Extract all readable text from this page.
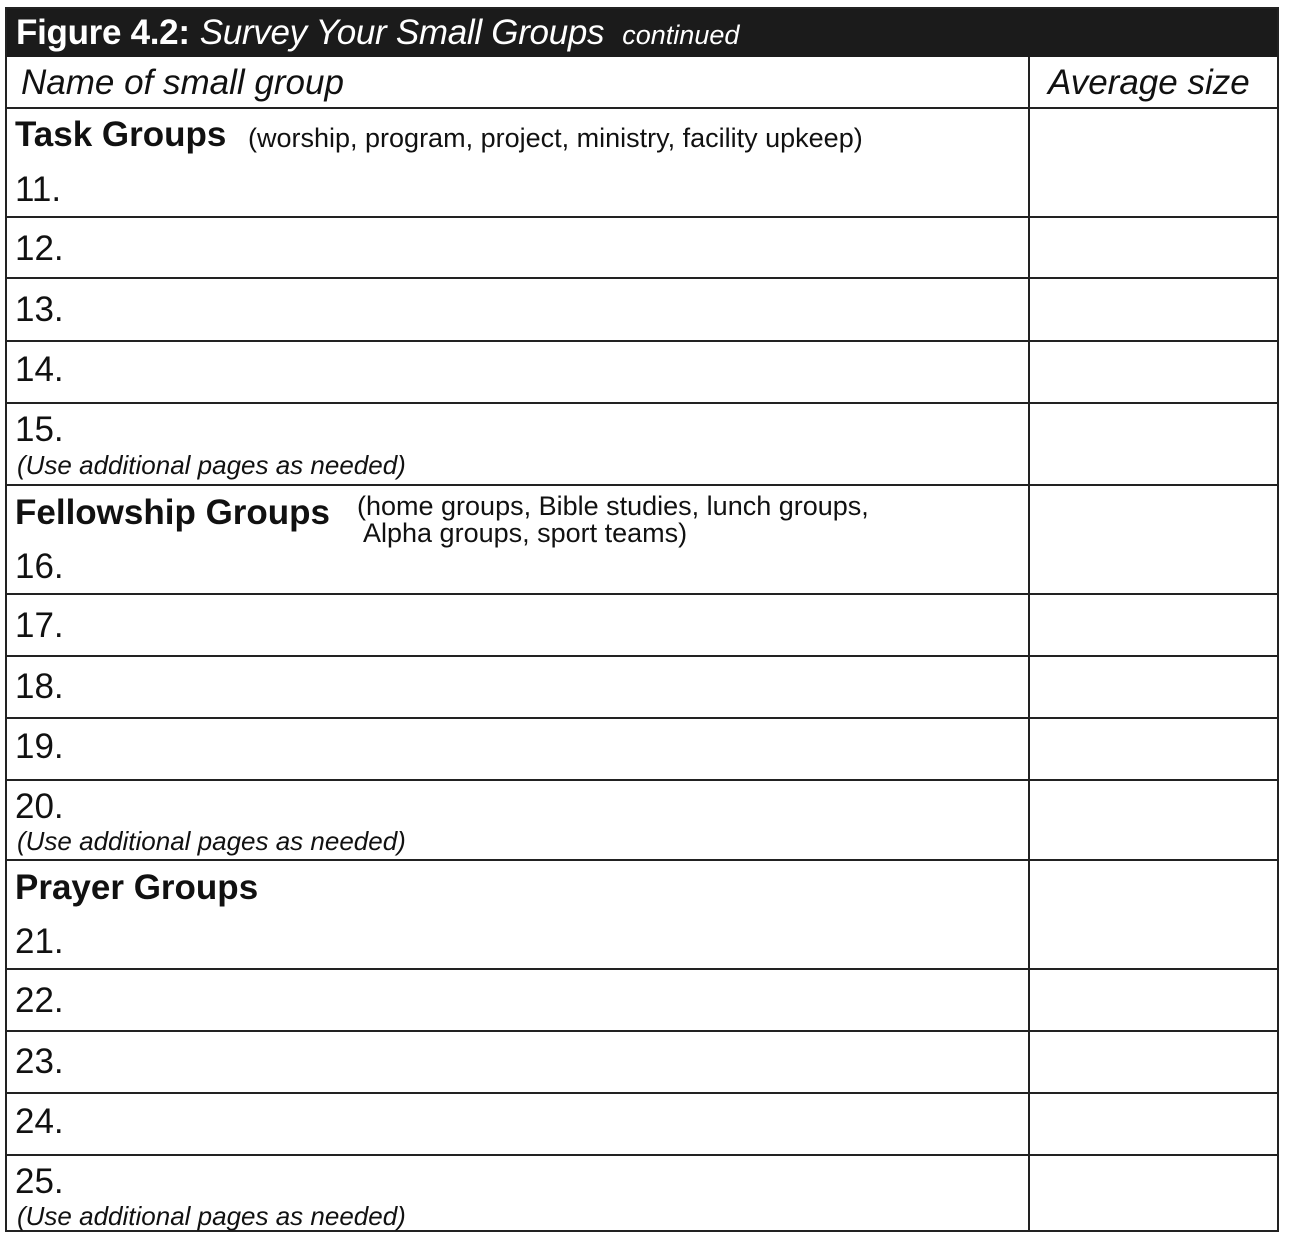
Figure 4.2: Survey Your Small Groups continued
Name of small group	Average size
Task Groups (worship, program, project, ministry, facility upkeep)
11.
12.
13.
14.
15.
(Use additional pages as needed)
Fellowship Groups (home groups, Bible studies, lunch groups,
Alpha groups, sport teams)
16.
17.
18.
19.
20.
(Use additional pages as needed)
Prayer Groups
21.
22.
23.
24.
25.
(Use additional pages as needed)
